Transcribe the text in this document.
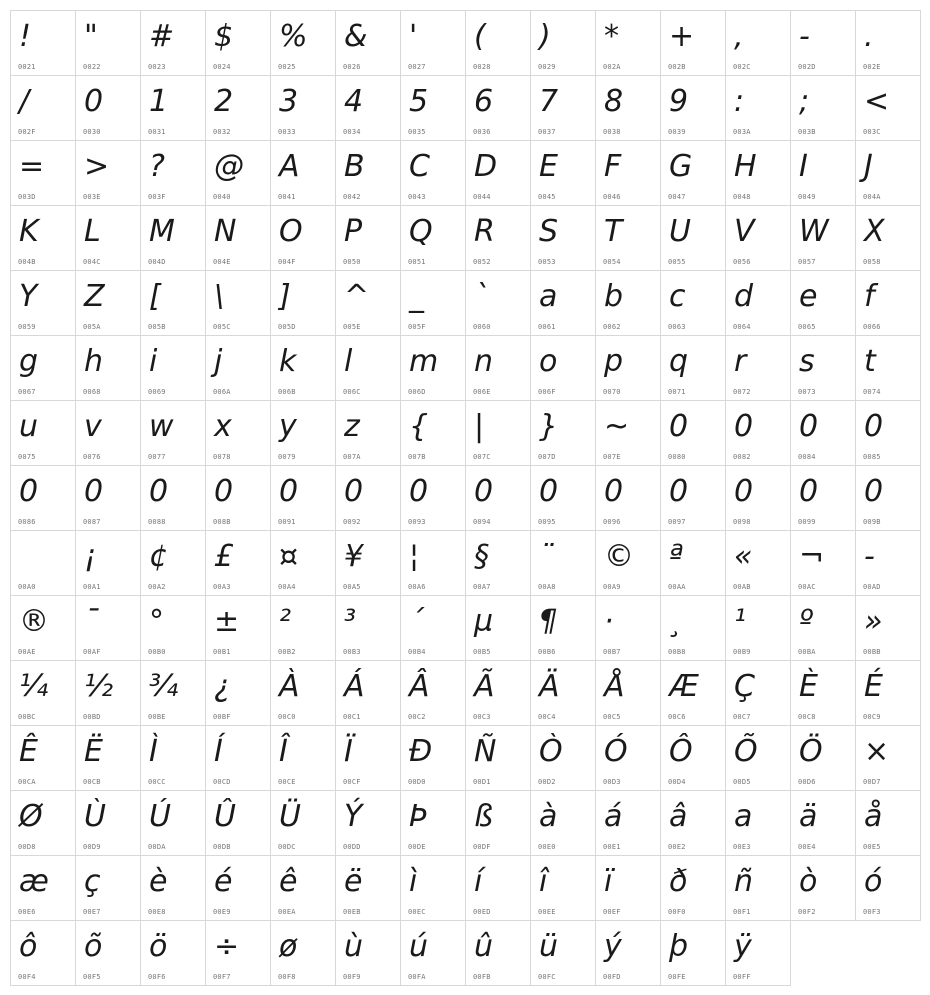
!
0021
"
0022
#
0023
$
0024
%
0025
&
0026
'
0027
(
0028
)
0029
*
002A
+
002B
,
002C
-
002D
.
002E
/
002F
0
0030
1
0031
2
0032
3
0033
4
0034
5
0035
6
0036
7
0037
8
0038
9
0039
:
003A
;
003B
<
003C
=
003D
>
003E
?
003F
@
0040
A
0041
B
0042
C
0043
D
0044
E
0045
F
0046
G
0047
H
0048
I
0049
J
004A
K
004B
L
004C
M
004D
N
004E
O
004F
P
0050
Q
0051
R
0052
S
0053
T
0054
U
0055
V
0056
W
0057
X
0058
Y
0059
Z
005A
[
005B
\
005C
]
005D
^
005E
_
005F
`
0060
a
0061
b
0062
c
0063
d
0064
e
0065
f
0066
g
0067
h
0068
i
0069
j
006A
k
006B
l
006C
m
006D
n
006E
o
006F
p
0070
q
0071
r
0072
s
0073
t
0074
u
0075
v
0076
w
0077
x
0078
y
0079
z
007A
{
007B
|
007C
}
007D
~
007E
0
0080
0
0082
0
0084
0
0085
0
0086
0
0087
0
0088
0
008B
0
0091
0
0092
0
0093
0
0094
0
0095
0
0096
0
0097
0
0098
0
0099
0
009B
00A0
¡
00A1
¢
00A2
£
00A3
¤
00A4
¥
00A5
¦
00A6
§
00A7
¨
00A8
©
00A9
ª
00AA
«
00AB
¬
00AC
-
00AD
®
00AE
¯
00AF
°
00B0
±
00B1
²
00B2
³
00B3
´
00B4
µ
00B5
¶
00B6
·
00B7
¸
00B8
¹
00B9
º
00BA
»
00BB
¼
00BC
½
00BD
¾
00BE
¿
00BF
À
00C0
Á
00C1
Â
00C2
Ã
00C3
Ä
00C4
Å
00C5
Æ
00C6
Ç
00C7
È
00C8
É
00C9
Ê
00CA
Ë
00CB
Ì
00CC
Í
00CD
Î
00CE
Ï
00CF
Ð
00D0
Ñ
00D1
Ò
00D2
Ó
00D3
Ô
00D4
Õ
00D5
Ö
00D6
×
00D7
Ø
00D8
Ù
00D9
Ú
00DA
Û
00DB
Ü
00DC
Ý
00DD
Þ
00DE
ß
00DF
à
00E0
á
00E1
â
00E2
a
00E3
ä
00E4
å
00E5
æ
00E6
ç
00E7
è
00E8
é
00E9
ê
00EA
ë
00EB
ì
00EC
í
00ED
î
00EE
ï
00EF
ð
00F0
ñ
00F1
ò
00F2
ó
00F3
ô
00F4
õ
00F5
ö
00F6
÷
00F7
ø
00F8
ù
00F9
ú
00FA
û
00FB
ü
00FC
ý
00FD
þ
00FE
ÿ
00FF
